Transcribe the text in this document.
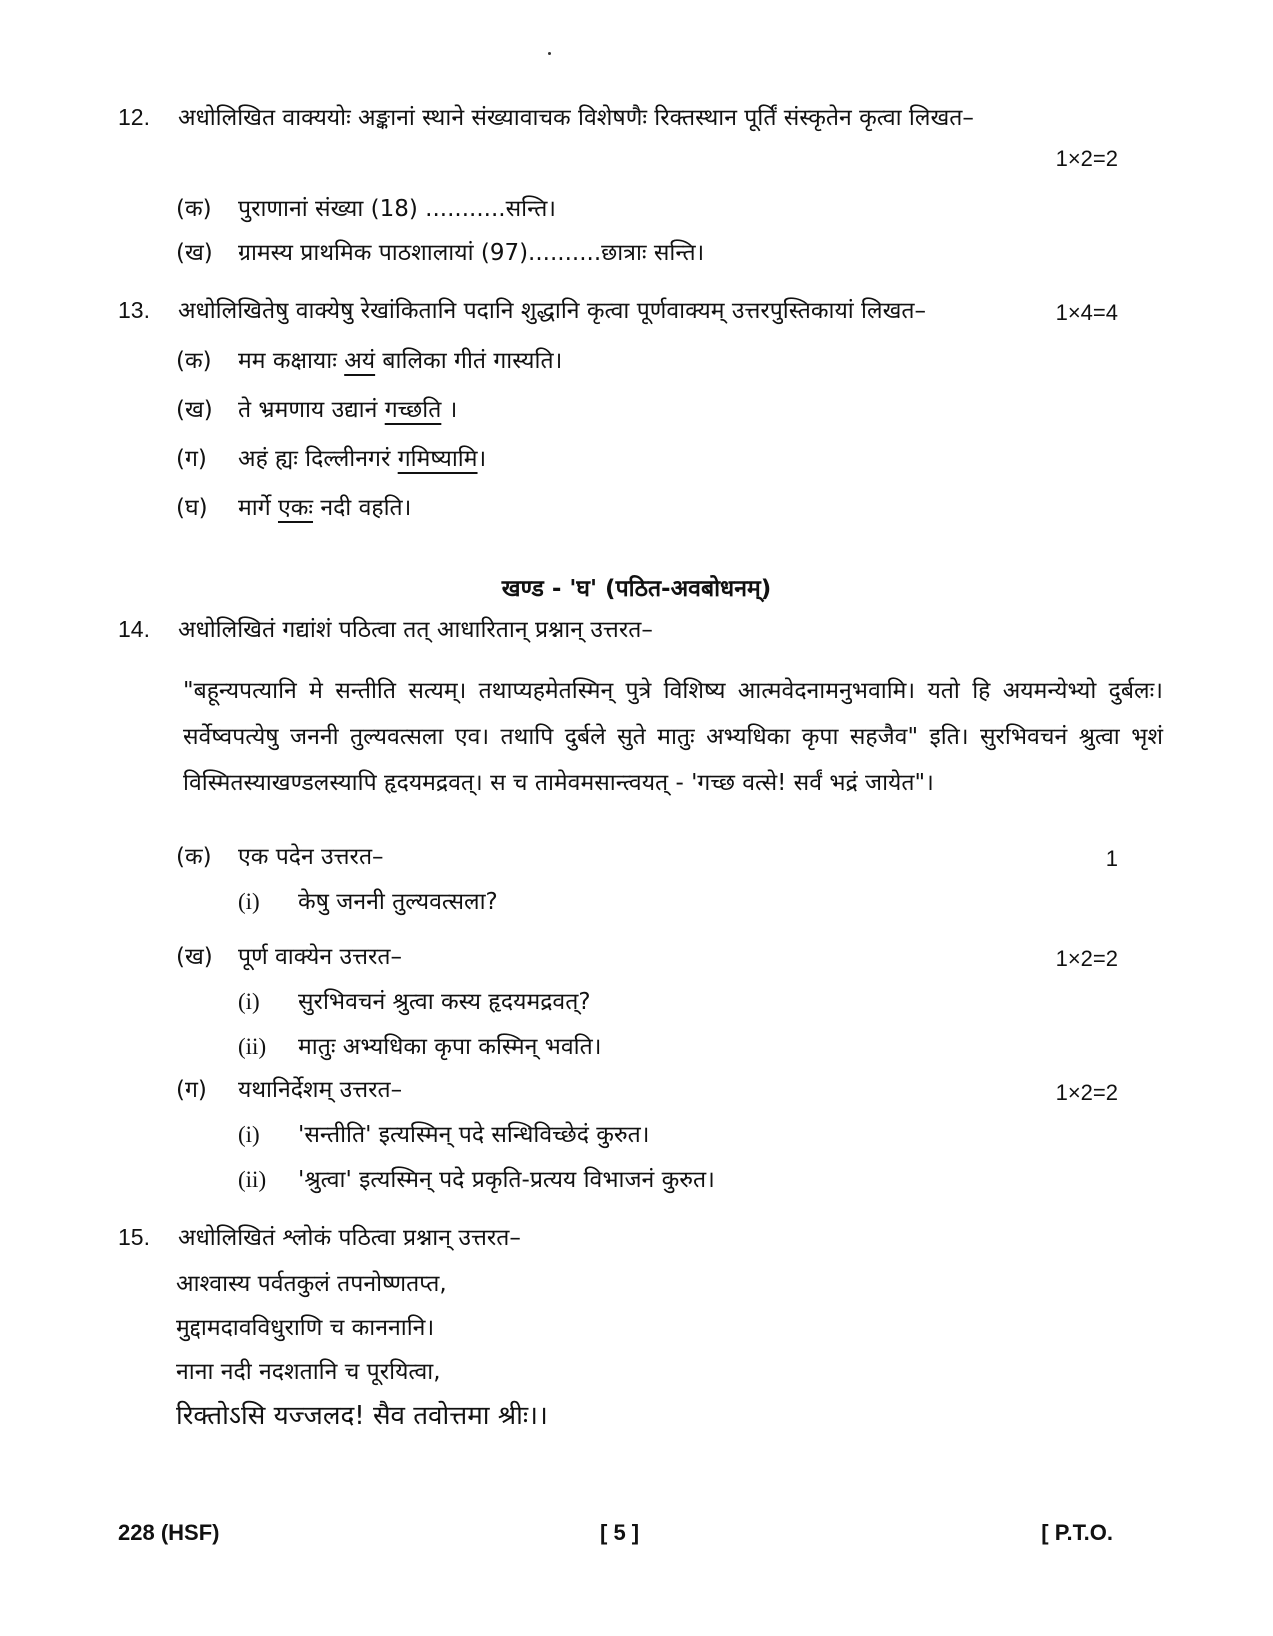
12. अधोलिखित वाक्ययोः अङ्कानां स्थाने संख्यावाचक विशेषणैः रिक्तस्थान पूर्तिं संस्कृतेन कृत्वा लिखत–
1×2=2
(क) पुराणानां संख्या (18) ...........सन्ति।
(ख) ग्रामस्य प्राथमिक पाठशालायां (97)..........छात्राः सन्ति।
13. अधोलिखितेषु वाक्येषु रेखांकितानि पदानि शुद्धानि कृत्वा पूर्णवाक्यम् उत्तरपुस्तिकायां लिखत–	1×4=4
(क) मम कक्षायाः अयं बालिका गीतं गास्यति।
(ख) ते भ्रमणाय उद्यानं गच्छति ।
(ग) अहं ह्यः दिल्लीनगरं गमिष्यामि।
(घ) मार्गे एकः नदी वहति।
खण्ड - 'घ' (पठित-अवबोधनम्)
14. अधोलिखितं गद्यांशं पठित्वा तत् आधारितान् प्रश्नान् उत्तरत–
"बहून्यपत्यानि मे सन्तीति सत्यम्। तथाप्यहमेतस्मिन् पुत्रे विशिष्य आत्मवेदनामनुभवामि। यतो हि अयमन्येभ्यो दुर्बलः। सर्वेष्वपत्येषु जननी तुल्यवत्सला एव। तथापि दुर्बले सुते मातुः अभ्यधिका कृपा सहजैव" इति। सुरभिवचनं श्रुत्वा भृशं विस्मितस्याखण्डलस्यापि हृदयमद्रवत्। स च तामेवमसान्त्वयत् - 'गच्छ वत्से! सर्वं भद्रं जायेत"।
(क) एक पदेन उत्तरत–	1
(i) केषु जननी तुल्यवत्सला?
(ख) पूर्ण वाक्येन उत्तरत–	1×2=2
(i) सुरभिवचनं श्रुत्वा कस्य हृदयमद्रवत्?
(ii) मातुः अभ्यधिका कृपा कस्मिन् भवति।
(ग) यथानिर्देशम् उत्तरत–	1×2=2
(i) 'सन्तीति' इत्यस्मिन् पदे सन्धिविच्छेदं कुरुत।
(ii) 'श्रुत्वा' इत्यस्मिन् पदे प्रकृति-प्रत्यय विभाजनं कुरुत।
15. अधोलिखितं श्लोकं पठित्वा प्रश्नान् उत्तरत–
आश्वास्य पर्वतकुलं तपनोष्णतप्त,
मुद्दामदावविधुराणि च काननानि।
नाना नदी नदशतानि च पूरयित्वा,
रिक्तोऽसि यज्जलद! सैव तवोत्तमा श्रीः।।
228 (HSF)	[ 5 ]	[ P.T.O.
